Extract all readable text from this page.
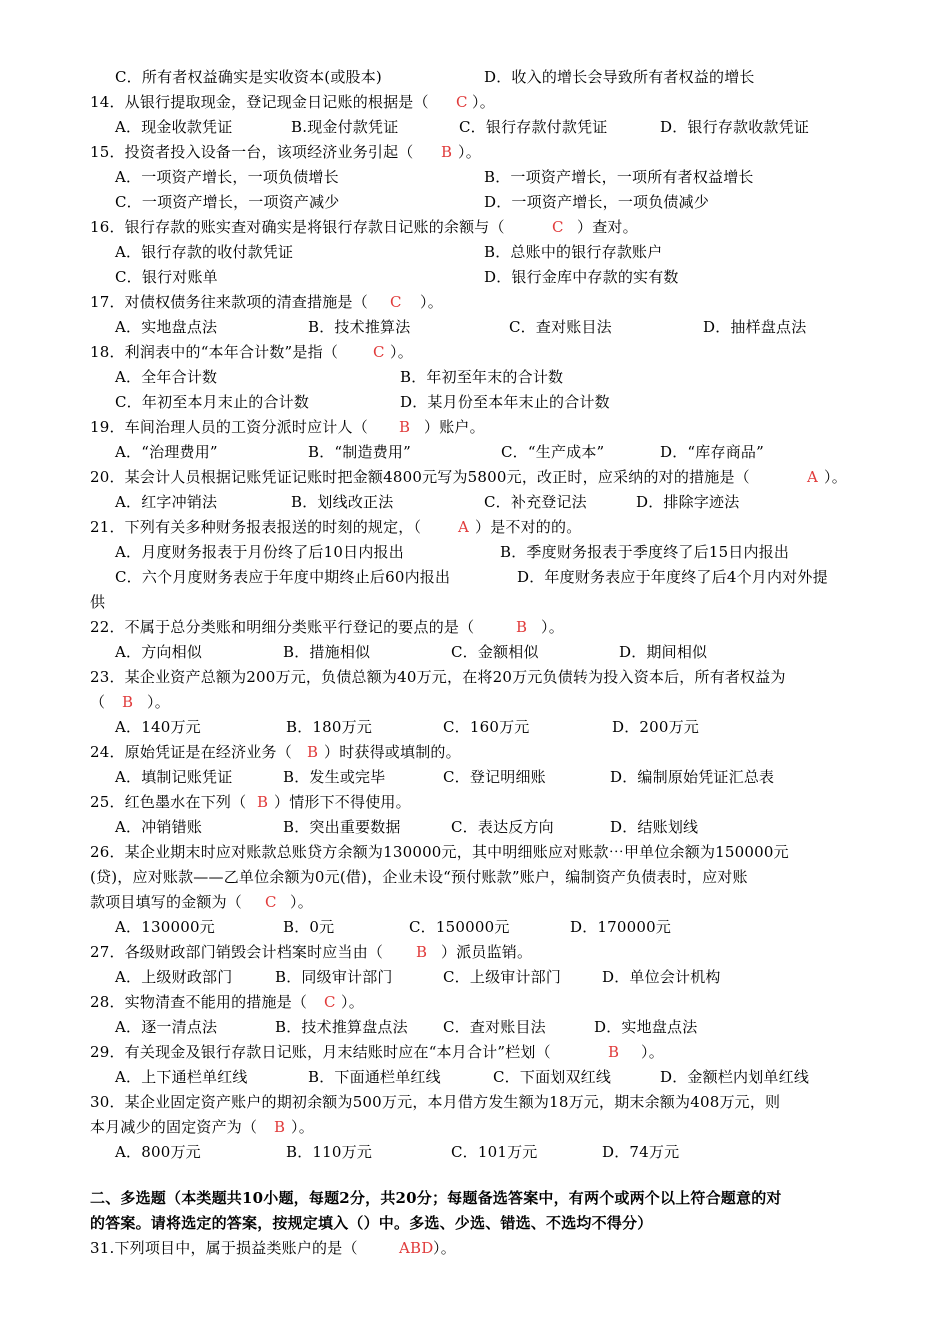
C．所有者权益确实是实收资本(或股本)	D．收入的增长会导致所有者权益的增长
14．从银行提取现金，登记现金日记账的根据是（ C ）。
A．现金收款凭证	B.现金付款凭证	C．银行存款付款凭证	D．银行存款收款凭证
15．投资者投入设备一台，该项经济业务引起（ B ）。
A．一项资产增长，一项负债增长	B．一项资产增长，一项所有者权益增长
C．一项资产增长，一项资产减少	D．一项资产增长，一项负债减少
16．银行存款的账实查对确实是将银行存款日记账的余额与（	C ）查对。
A．银行存款的收付款凭证	B．总账中的银行存款账户
C．银行对账单	D．银行金库中存款的实有数
17．对债权债务往来款项的清查措施是（ C ）。
A．实地盘点法	B．技术推算法	C．查对账目法	D．抽样盘点法
18．利润表中的“本年合计数”是指（ C ）。
A．全年合计数	B．年初至年末的合计数
C．年初至本月末止的合计数	D．某月份至本年末止的合计数
19．车间治理人员的工资分派时应计人（ B ）账户。
A．“治理费用”	B．“制造费用”	C．“生产成本”	D．“库存商品”
20．某会计人员根据记账凭证记账时把金额4800元写为5800元，改正时，应采纳的对的措施是（	A ）。
A．红字冲销法	B．划线改正法	C．补充登记法	D．排除字迹法
21．下列有关多种财务报表报送的时刻的规定，（ A ）是不对的的。
A．月度财务报表于月份终了后10日内报出	B．季度财务报表于季度终了后15日内报出
C．六个月度财务表应于年度中期终止后60内报出	D．年度财务表应于年度终了后4个月内对外提
供
22．不属于总分类账和明细分类账平行登记的要点的是（	B ）。
A．方向相似	B．措施相似	C．金额相似	D．期间相似
23．某企业资产总额为200万元，负债总额为40万元，在将20万元负债转为投入资本后，所有者权益为
（ B ）。
A．140万元	B．180万元	C．160万元	D．200万元
24．原始凭证是在经济业务（ B ）时获得或填制的。
A．填制记账凭证	B．发生或完毕	C．登记明细账	D．编制原始凭证汇总表
25．红色墨水在下列（ B ）情形下不得使用。
A．冲销错账	B．突出重要数据	C．表达反方向	D．结账划线
26．某企业期末时应对账款总账贷方余额为130000元，其中明细账应对账款⋯甲单位余额为150000元
(贷)，应对账款——乙单位余额为0元(借)，企业未设“预付账款”账户，编制资产负债表时，应对账
款项目填写的金额为（ C ）。
A．130000元	B．0元	C．150000元	D．170000元
27．各级财政部门销毁会计档案时应当由（ B ）派员监销。
A．上级财政部门	B．同级审计部门	C．上级审计部门	D．单位会计机构
28．实物清查不能用的措施是（ C ）。
A．逐一清点法	B．技术推算盘点法 C．查对账目法	D．实地盘点法
29．有关现金及银行存款日记账，月末结账时应在“本月合计”栏划（	B ）。
A．上下通栏单红线	B．下面通栏单红线	C．下面划双红线	D．金额栏内划单红线
30．某企业固定资产账户的期初余额为500万元，本月借方发生额为18万元，期末余额为408万元，则
本月减少的固定资产为（ B ）。
A．800万元	B．110万元	C．101万元	D．74万元
二、多选题（本类题共10小题，每题2分，共20分；每题备选答案中，有两个或两个以上符合题意的对
的答案。请将选定的答案，按规定填入（）中。多选、少选、错选、不选均不得分）
31.下列项目中，属于损益类账户的是（	ABD ）。
